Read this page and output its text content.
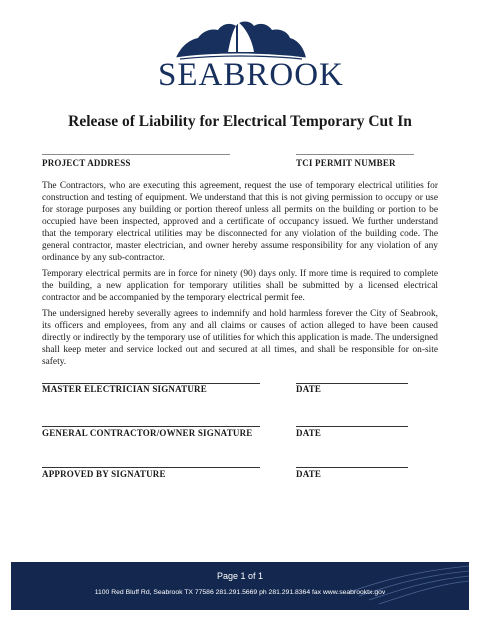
SEABROOK
Release of Liability for Electrical Temporary Cut In
PROJECT ADDRESS	TCI PERMIT NUMBER

The Contractors, who are executing this agreement, request the use of temporary electrical utilities for construction and testing of equipment. We understand that this is not giving permission to occupy or use for storage purposes any building or portion thereof unless all permits on the building or portion to be occupied have been inspected, approved and a certificate of occupancy issued. We further understand that the temporary electrical utilities may be disconnected for any violation of the building code. The general contractor, master electrician, and owner hereby assume responsibility for any violation of any ordinance by any sub-contractor.

Temporary electrical permits are in force for ninety (90) days only. If more time is required to complete the building, a new application for temporary utilities shall be submitted by a licensed electrical contractor and be accompanied by the temporary electrical permit fee.

The undersigned hereby severally agrees to indemnify and hold harmless forever the City of Seabrook, its officers and employees, from any and all claims or causes of action alleged to have been caused directly or indirectly by the temporary use of utilities for which this application is made. The undersigned shall keep meter and service locked out and secured at all times, and shall be responsible for on-site safety.

MASTER ELECTRICIAN SIGNATURE	DATE
GENERAL CONTRACTOR/OWNER SIGNATURE	DATE
APPROVED BY SIGNATURE	DATE
Page 1 of 1
1100 Red Bluff Rd, Seabrook TX 77586 281.291.5669 ph 281.291.8364 fax www.seabrooktx.gov
